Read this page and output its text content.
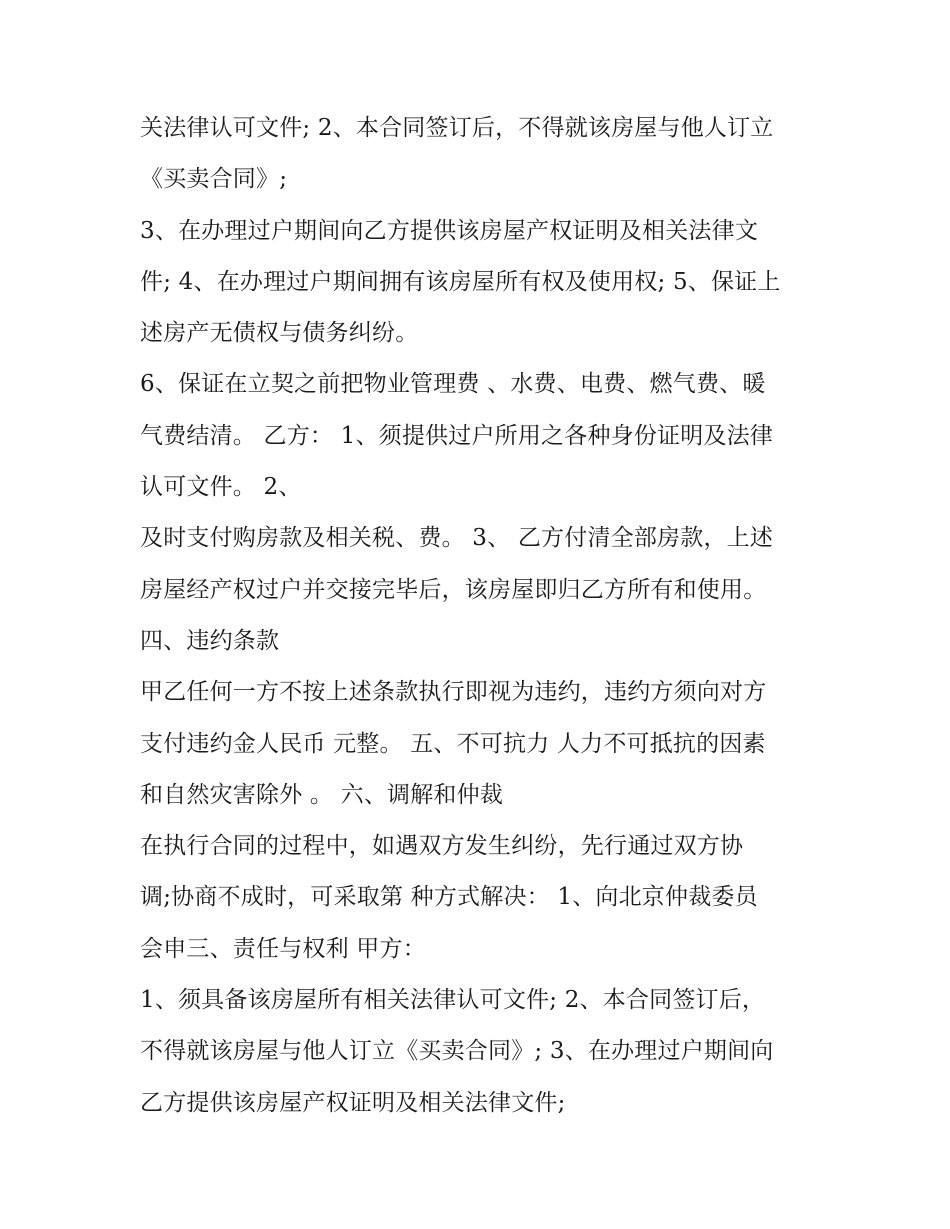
关法律认可文件; 2、本合同签订后，不得就该房屋与他人订立
《买卖合同》;
3、在办理过户期间向乙方提供该房屋产权证明及相关法律文
件; 4、在办理过户期间拥有该房屋所有权及使用权; 5、保证上
述房产无债权与债务纠纷。
6、保证在立契之前把物业管理费 、水费、电费、燃气费、暖
气费结清。 乙方： 1、须提供过户所用之各种身份证明及法律
认可文件。 2、
及时支付购房款及相关税、费。 3、 乙方付清全部房款，上述
房屋经产权过户并交接完毕后，该房屋即归乙方所有和使用。
四、违约条款
甲乙任何一方不按上述条款执行即视为违约，违约方须向对方
支付违约金人民币 元整。 五、不可抗力 人力不可抵抗的因素
和自然灾害除外 。 六、调解和仲裁
在执行合同的过程中，如遇双方发生纠纷，先行通过双方协
调;协商不成时，可采取第 种方式解决： 1、向北京仲裁委员
会申三、责任与权利 甲方：
1、须具备该房屋所有相关法律认可文件; 2、本合同签订后，
不得就该房屋与他人订立《买卖合同》; 3、在办理过户期间向
乙方提供该房屋产权证明及相关法律文件;
